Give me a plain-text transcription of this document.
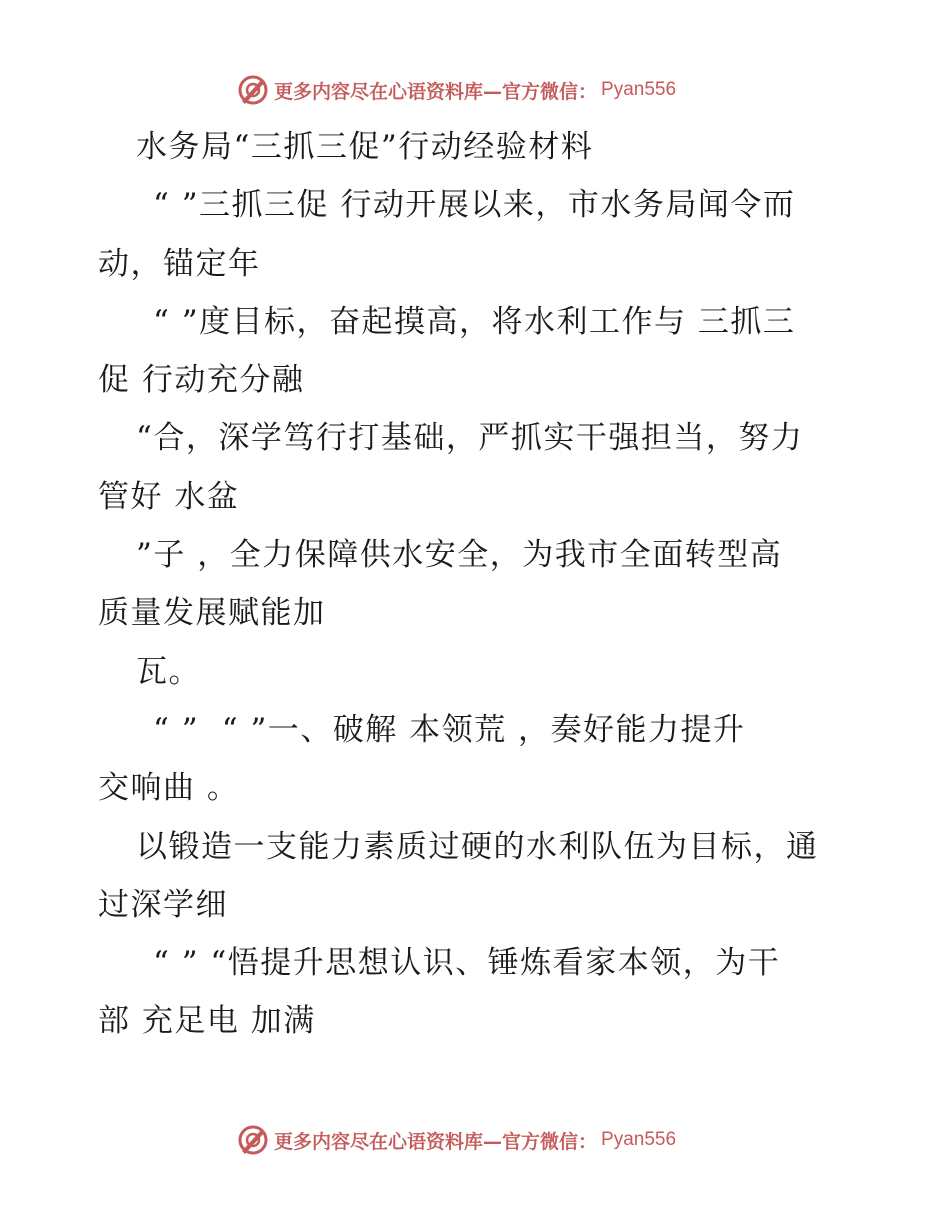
更多内容尽在心语资料库—官方微信： Pyan556
水务局“三抓三促”行动经验材料
“ ”三抓三促 行动开展以来，市水务局闻令而
动，锚定年
“ ”度目标，奋起摸高，将水利工作与 三抓三
促 行动充分融
“合，深学笃行打基础，严抓实干强担当，努力
管好 水盆
”子 ，全力保障供水安全，为我市全面转型高
质量发展赋能加
瓦。
“ ”  “ ”一、破解 本领荒 ，奏好能力提升
交响曲 。
以锻造一支能力素质过硬的水利队伍为目标，通
过深学细
“ ” “悟提升思想认识、锤炼看家本领，为干
部 充足电 加满
更多内容尽在心语资料库—官方微信： Pyan556
